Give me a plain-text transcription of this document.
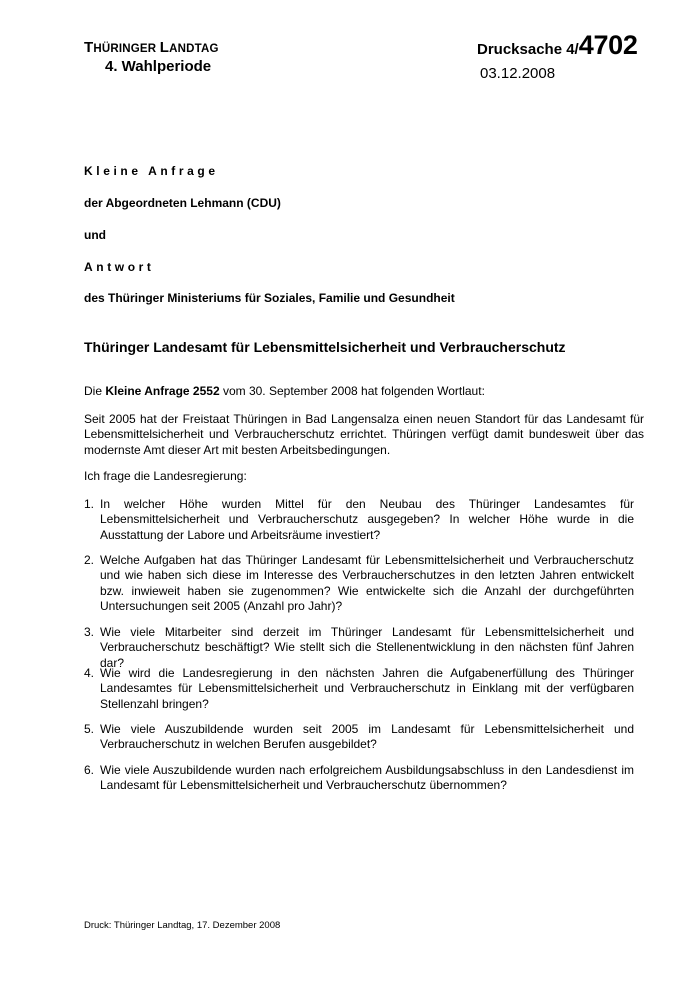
THÜRINGER LANDTAG
4. Wahlperiode
Drucksache 4/4702
03.12.2008
Kleine Anfrage
der Abgeordneten Lehmann (CDU)
und
Antwort
des Thüringer Ministeriums für Soziales, Familie und Gesundheit
Thüringer Landesamt für Lebensmittelsicherheit und Verbraucherschutz
Die Kleine Anfrage 2552 vom 30. September 2008 hat folgenden Wortlaut:
Seit 2005 hat der Freistaat Thüringen in Bad Langensalza einen neuen Standort für das Landesamt für Lebensmittelsicherheit und Verbraucherschutz errichtet. Thüringen verfügt damit bundesweit über das modernste Amt dieser Art mit besten Arbeitsbedingungen.
Ich frage die Landesregierung:
1. In welcher Höhe wurden Mittel für den Neubau des Thüringer Landesamtes für Lebensmittelsicherheit und Verbraucherschutz ausgegeben? In welcher Höhe wurde in die Ausstattung der Labore und Arbeitsräume investiert?
2. Welche Aufgaben hat das Thüringer Landesamt für Lebensmittelsicherheit und Verbraucherschutz und wie haben sich diese im Interesse des Verbraucherschutzes in den letzten Jahren entwickelt bzw. inwieweit haben sie zugenommen? Wie entwickelte sich die Anzahl der durchgeführten Untersuchungen seit 2005 (Anzahl pro Jahr)?
3. Wie viele Mitarbeiter sind derzeit im Thüringer Landesamt für Lebensmittelsicherheit und Verbraucherschutz beschäftigt? Wie stellt sich die Stellenentwicklung in den nächsten fünf Jahren dar?
4. Wie wird die Landesregierung in den nächsten Jahren die Aufgabenerfüllung des Thüringer Landesamtes für Lebensmittelsicherheit und Verbraucherschutz in Einklang mit der verfügbaren Stellenzahl bringen?
5. Wie viele Auszubildende wurden seit 2005 im Landesamt für Lebensmittelsicherheit und Verbraucherschutz in welchen Berufen ausgebildet?
6. Wie viele Auszubildende wurden nach erfolgreichem Ausbildungsabschluss in den Landesdienst im Landesamt für Lebensmittelsicherheit und Verbraucherschutz übernommen?
Druck: Thüringer Landtag, 17. Dezember 2008
